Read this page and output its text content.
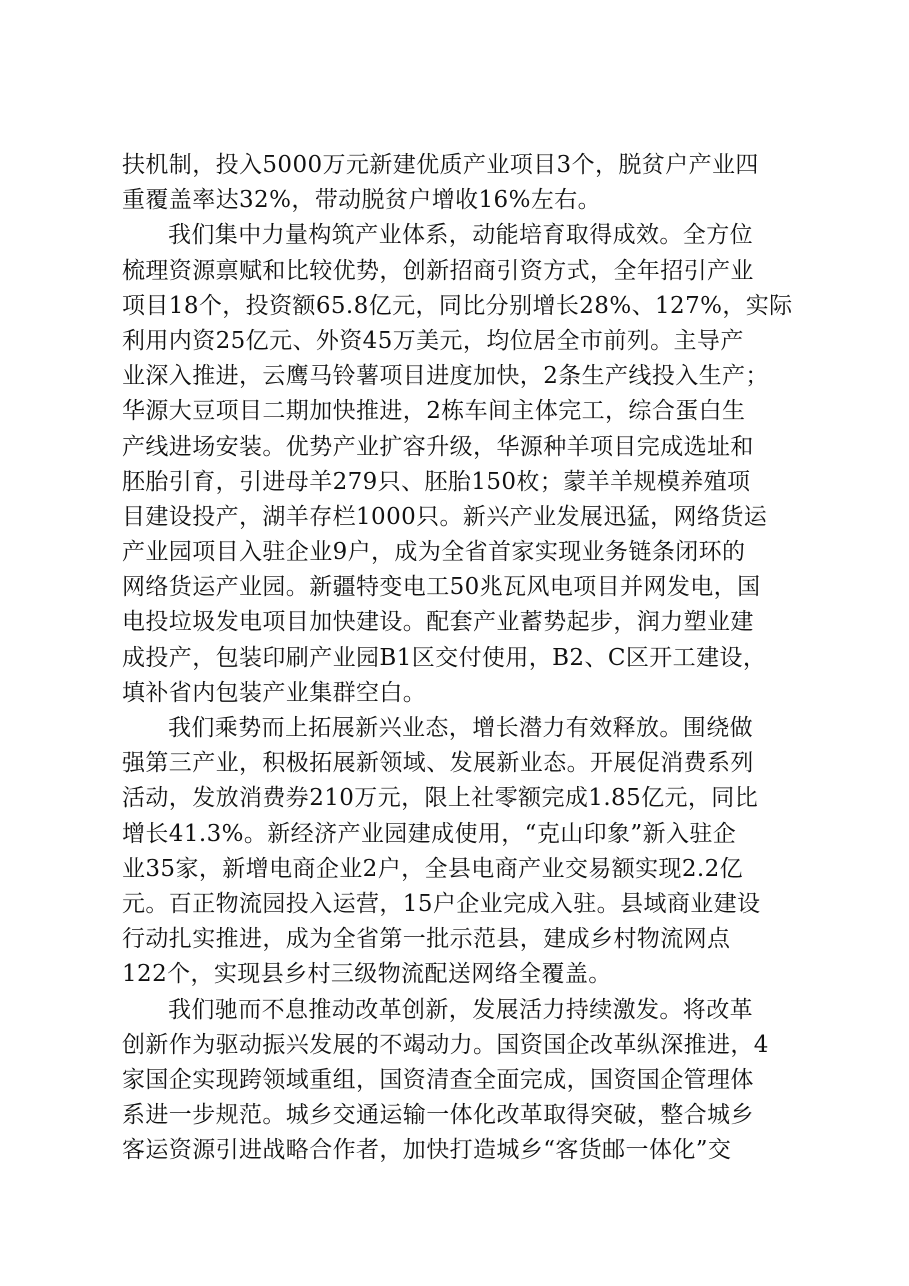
扶机制，投入5000万元新建优质产业项目3个，脱贫户产业四
重覆盖率达32%，带动脱贫户增收16%左右。
我们集中力量构筑产业体系，动能培育取得成效。全方位
梳理资源禀赋和比较优势，创新招商引资方式，全年招引产业
项目18个，投资额65.8亿元，同比分别增长28%、127%，实际
利用内资25亿元、外资45万美元，均位居全市前列。主导产
业深入推进，云鹰马铃薯项目进度加快，2条生产线投入生产；
华源大豆项目二期加快推进，2栋车间主体完工，综合蛋白生
产线进场安装。优势产业扩容升级，华源种羊项目完成选址和
胚胎引育，引进母羊279只、胚胎150枚；蒙羊羊规模养殖项
目建设投产，湖羊存栏1000只。新兴产业发展迅猛，网络货运
产业园项目入驻企业9户，成为全省首家实现业务链条闭环的
网络货运产业园。新疆特变电工50兆瓦风电项目并网发电，国
电投垃圾发电项目加快建设。配套产业蓄势起步，润力塑业建
成投产，包装印刷产业园B1区交付使用，B2、C区开工建设，
填补省内包装产业集群空白。
我们乘势而上拓展新兴业态，增长潜力有效释放。围绕做
强第三产业，积极拓展新领域、发展新业态。开展促消费系列
活动，发放消费券210万元，限上社零额完成1.85亿元，同比
增长41.3%。新经济产业园建成使用，“克山印象”新入驻企
业35家，新增电商企业2户，全县电商产业交易额实现2.2亿
元。百正物流园投入运营，15户企业完成入驻。县域商业建设
行动扎实推进，成为全省第一批示范县，建成乡村物流网点
122个，实现县乡村三级物流配送网络全覆盖。
我们驰而不息推动改革创新，发展活力持续激发。将改革
创新作为驱动振兴发展的不竭动力。国资国企改革纵深推进，4
家国企实现跨领域重组，国资清查全面完成，国资国企管理体
系进一步规范。城乡交通运输一体化改革取得突破，整合城乡
客运资源引进战略合作者，加快打造城乡“客货邮一体化”交
